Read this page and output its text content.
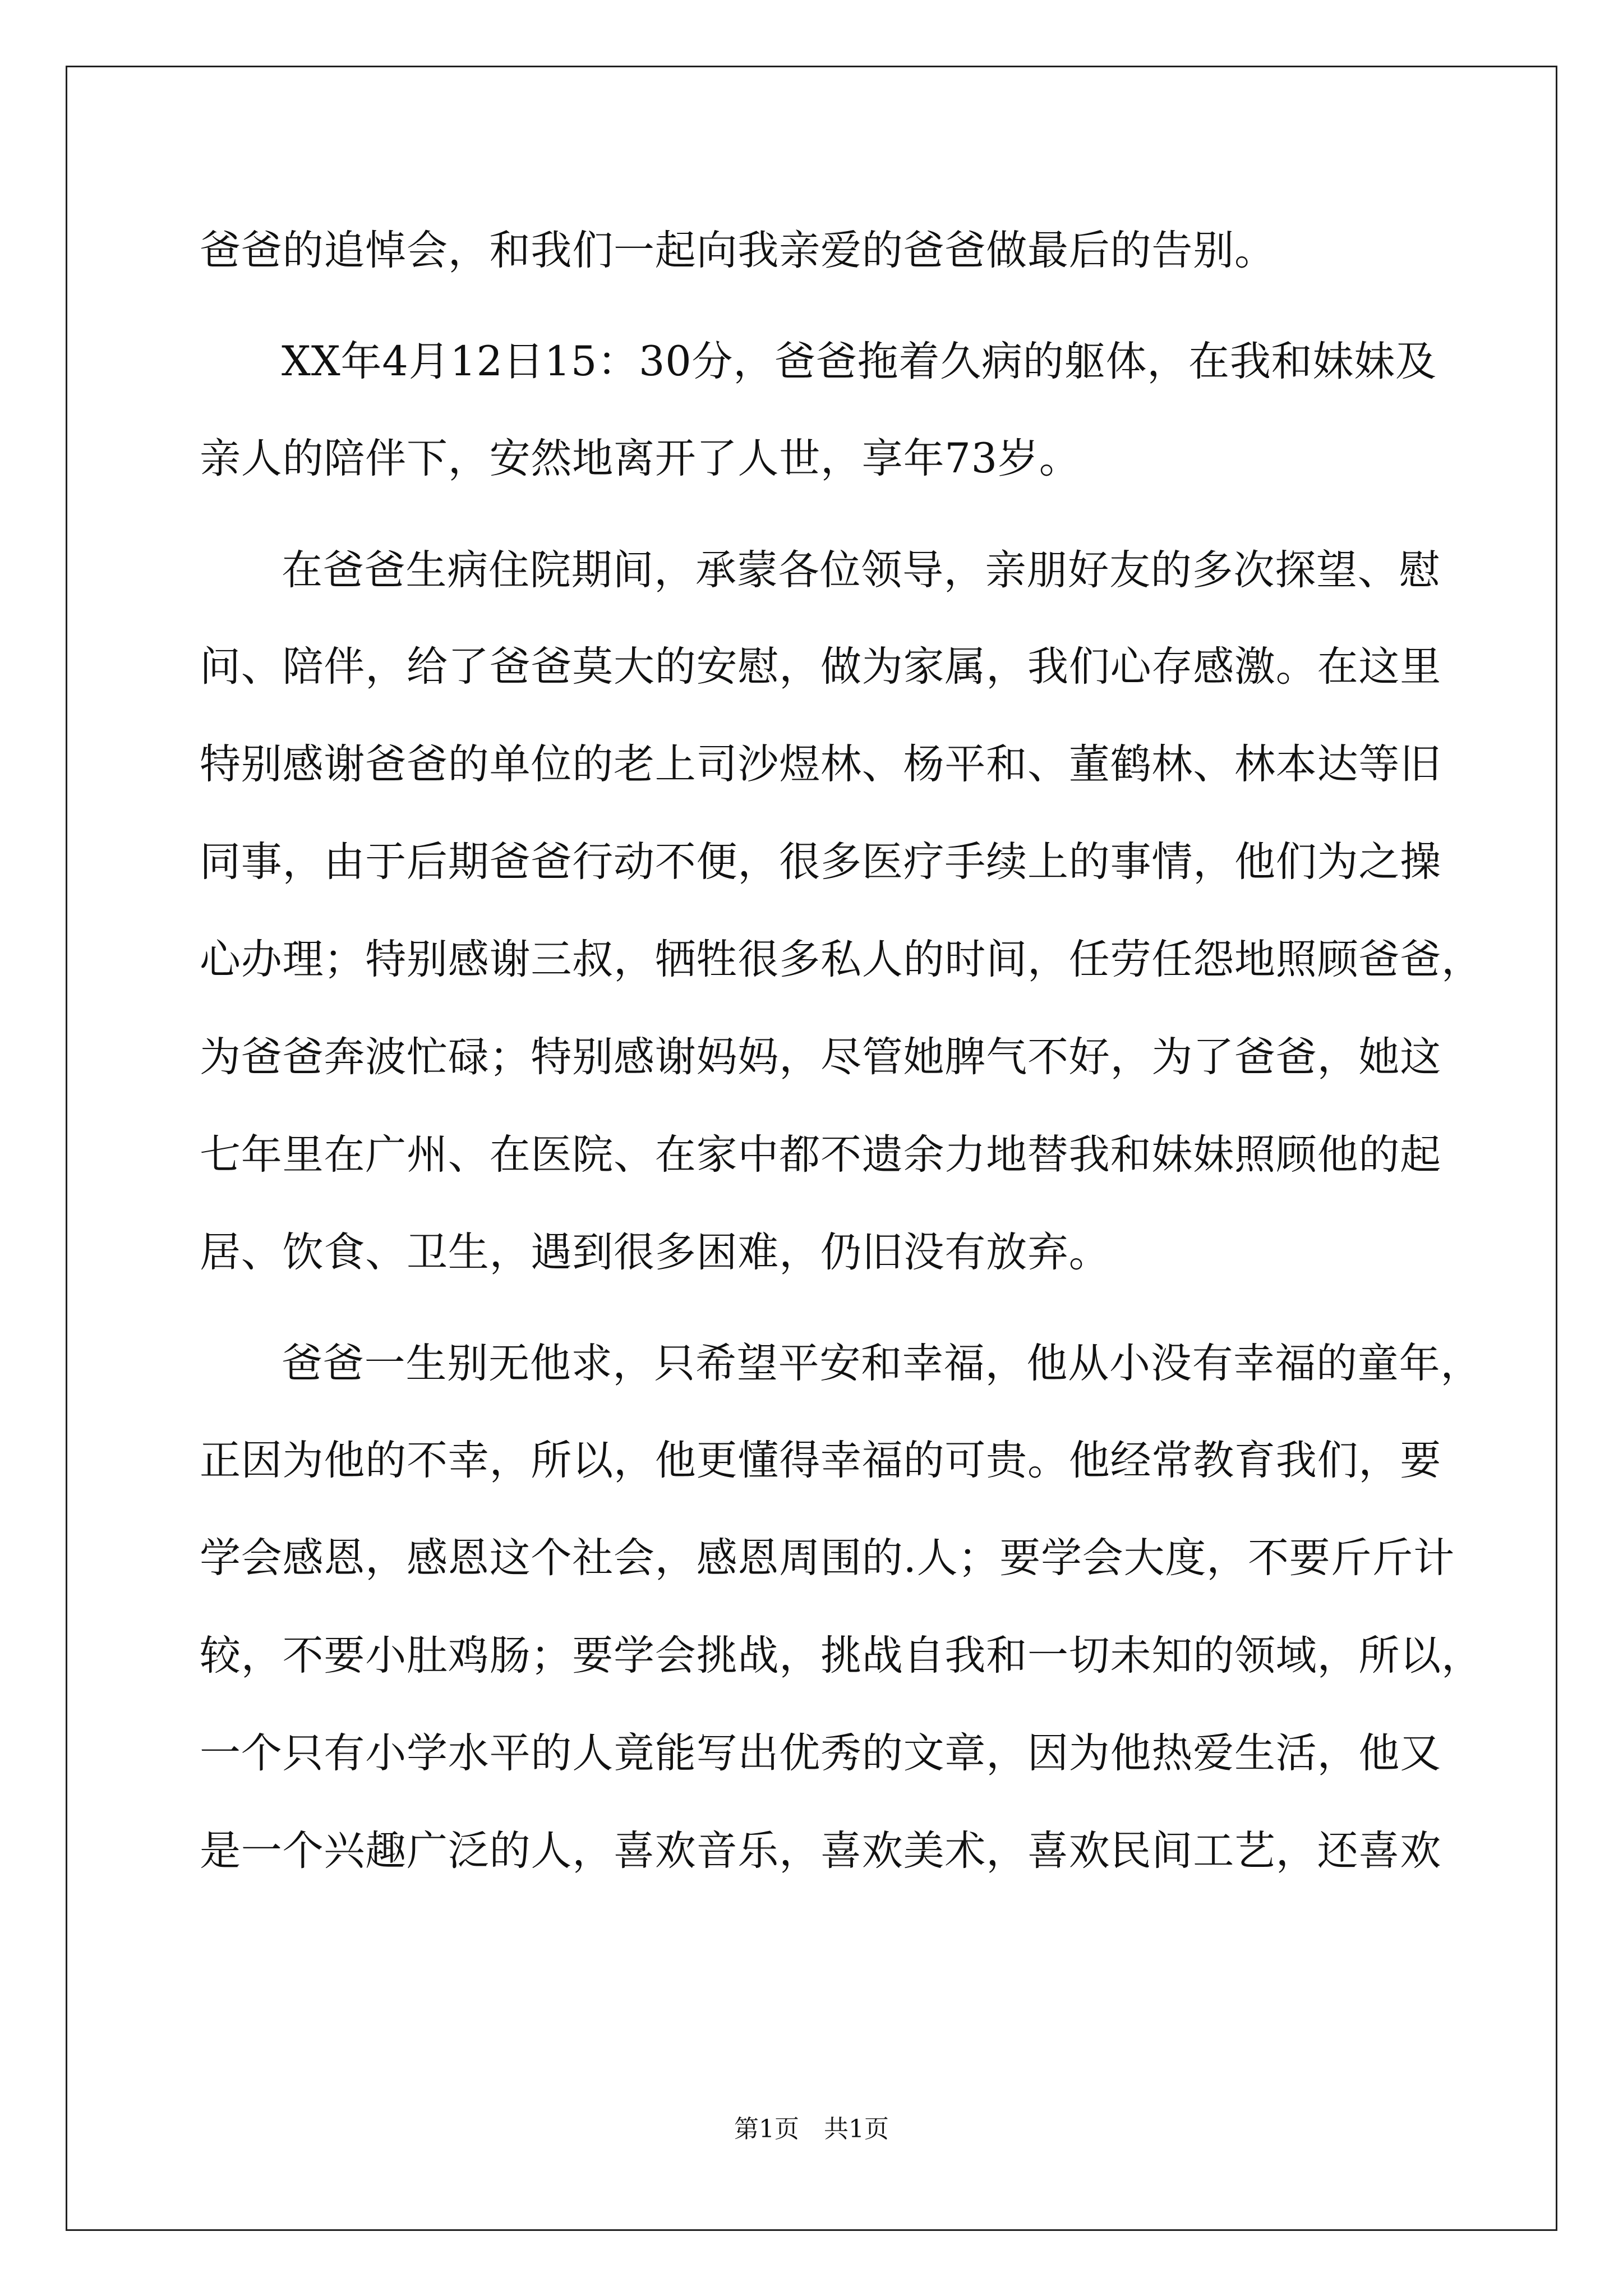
爸爸的追悼会，和我们一起向我亲爱的爸爸做最后的告别。
XX年4月12日15：30分，爸爸拖着久病的躯体，在我和妹妹及
亲人的陪伴下，安然地离开了人世，享年73岁。
在爸爸生病住院期间，承蒙各位领导，亲朋好友的多次探望、慰
问、陪伴，给了爸爸莫大的安慰，做为家属，我们心存感激。在这里
特别感谢爸爸的单位的老上司沙煜林、杨平和、董鹤林、林本达等旧
同事，由于后期爸爸行动不便，很多医疗手续上的事情，他们为之操
心办理；特别感谢三叔，牺牲很多私人的时间，任劳任怨地照顾爸爸，
为爸爸奔波忙碌；特别感谢妈妈，尽管她脾气不好，为了爸爸，她这
七年里在广州、在医院、在家中都不遗余力地替我和妹妹照顾他的起
居、饮食、卫生，遇到很多困难，仍旧没有放弃。
爸爸一生别无他求，只希望平安和幸福，他从小没有幸福的童年，
正因为他的不幸，所以，他更懂得幸福的可贵。他经常教育我们，要
学会感恩，感恩这个社会，感恩周围的.人；要学会大度，不要斤斤计
较，不要小肚鸡肠；要学会挑战，挑战自我和一切未知的领域，所以，
一个只有小学水平的人竟能写出优秀的文章，因为他热爱生活，他又
是一个兴趣广泛的人，喜欢音乐，喜欢美术，喜欢民间工艺，还喜欢
第1页 共1页
